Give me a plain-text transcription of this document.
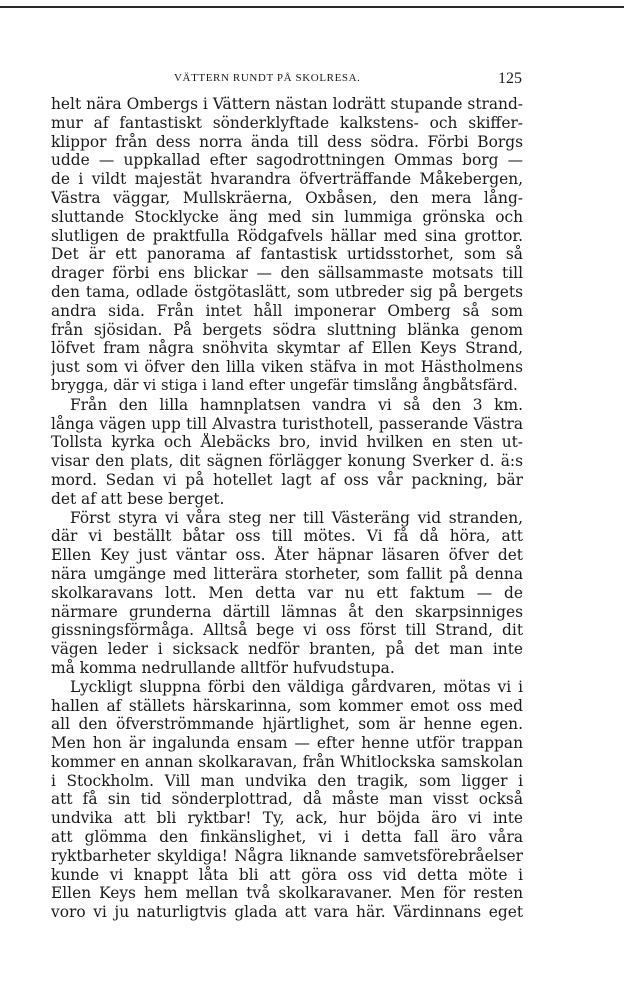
VÄTTERN RUNDT PÅ SKOLRESA.	125
helt nära Ombergs i Vättern nästan lodrätt stupande strand-
mur af fantastiskt sönderklyftade kalkstens- och skiffer-
klippor från dess norra ända till dess södra. Förbi Borgs
udde — uppkallad efter sagodrottningen Ommas borg —
de i vildt majestät hvarandra öfverträffande Måkebergen,
Västra väggar, Mullskräerna, Oxbåsen, den mera lång-
sluttande Stocklycke äng med sin lummiga grönska och
slutligen de praktfulla Rödgafvels hällar med sina grottor.
Det är ett panorama af fantastisk urtidsstorhet, som så
drager förbi ens blickar — den sällsammaste motsats till
den tama, odlade östgötaslätt, som utbreder sig på bergets
andra sida. Från intet håll imponerar Omberg så som
från sjösidan. På bergets södra sluttning blänka genom
löfvet fram några snöhvita skymtar af Ellen Keys Strand,
just som vi öfver den lilla viken stäfva in mot Hästholmens
brygga, där vi stiga i land efter ungefär timslång ångbåtsfärd.
Från den lilla hamnplatsen vandra vi så den 3 km.
långa vägen upp till Alvastra turisthotell, passerande Västra
Tollsta kyrka och Ålebäcks bro, invid hvilken en sten ut-
visar den plats, dit sägnen förlägger konung Sverker d. ä:s
mord. Sedan vi på hotellet lagt af oss vår packning, bär
det af att bese berget.
Först styra vi våra steg ner till Västeräng vid stranden,
där vi beställt båtar oss till mötes. Vi få då höra, att
Ellen Key just väntar oss. Åter häpnar läsaren öfver det
nära umgänge med litterära storheter, som fallit på denna
skolkaravans lott. Men detta var nu ett faktum — de
närmare grunderna därtill lämnas åt den skarpsinniges
gissningsförmåga. Alltså bege vi oss först till Strand, dit
vägen leder i sicksack nedför branten, på det man inte
må komma nedrullande alltför hufvudstupa.
Lyckligt sluppna förbi den väldiga gårdvaren, mötas vi i
hallen af ställets härskarinna, som kommer emot oss med
all den öfverströmmande hjärtlighet, som är henne egen.
Men hon är ingalunda ensam — efter henne utför trappan
kommer en annan skolkaravan, från Whitlockska samskolan
i Stockholm. Vill man undvika den tragik, som ligger i
att få sin tid sönderplottrad, då måste man visst också
undvika att bli ryktbar! Ty, ack, hur böjda äro vi inte
att glömma den finkänslighet, vi i detta fall äro våra
ryktbarheter skyldiga! Några liknande samvetsförebråelser
kunde vi knappt låta bli att göra oss vid detta möte i
Ellen Keys hem mellan två skolkaravaner. Men för resten
voro vi ju naturligtvis glada att vara här. Värdinnans eget
